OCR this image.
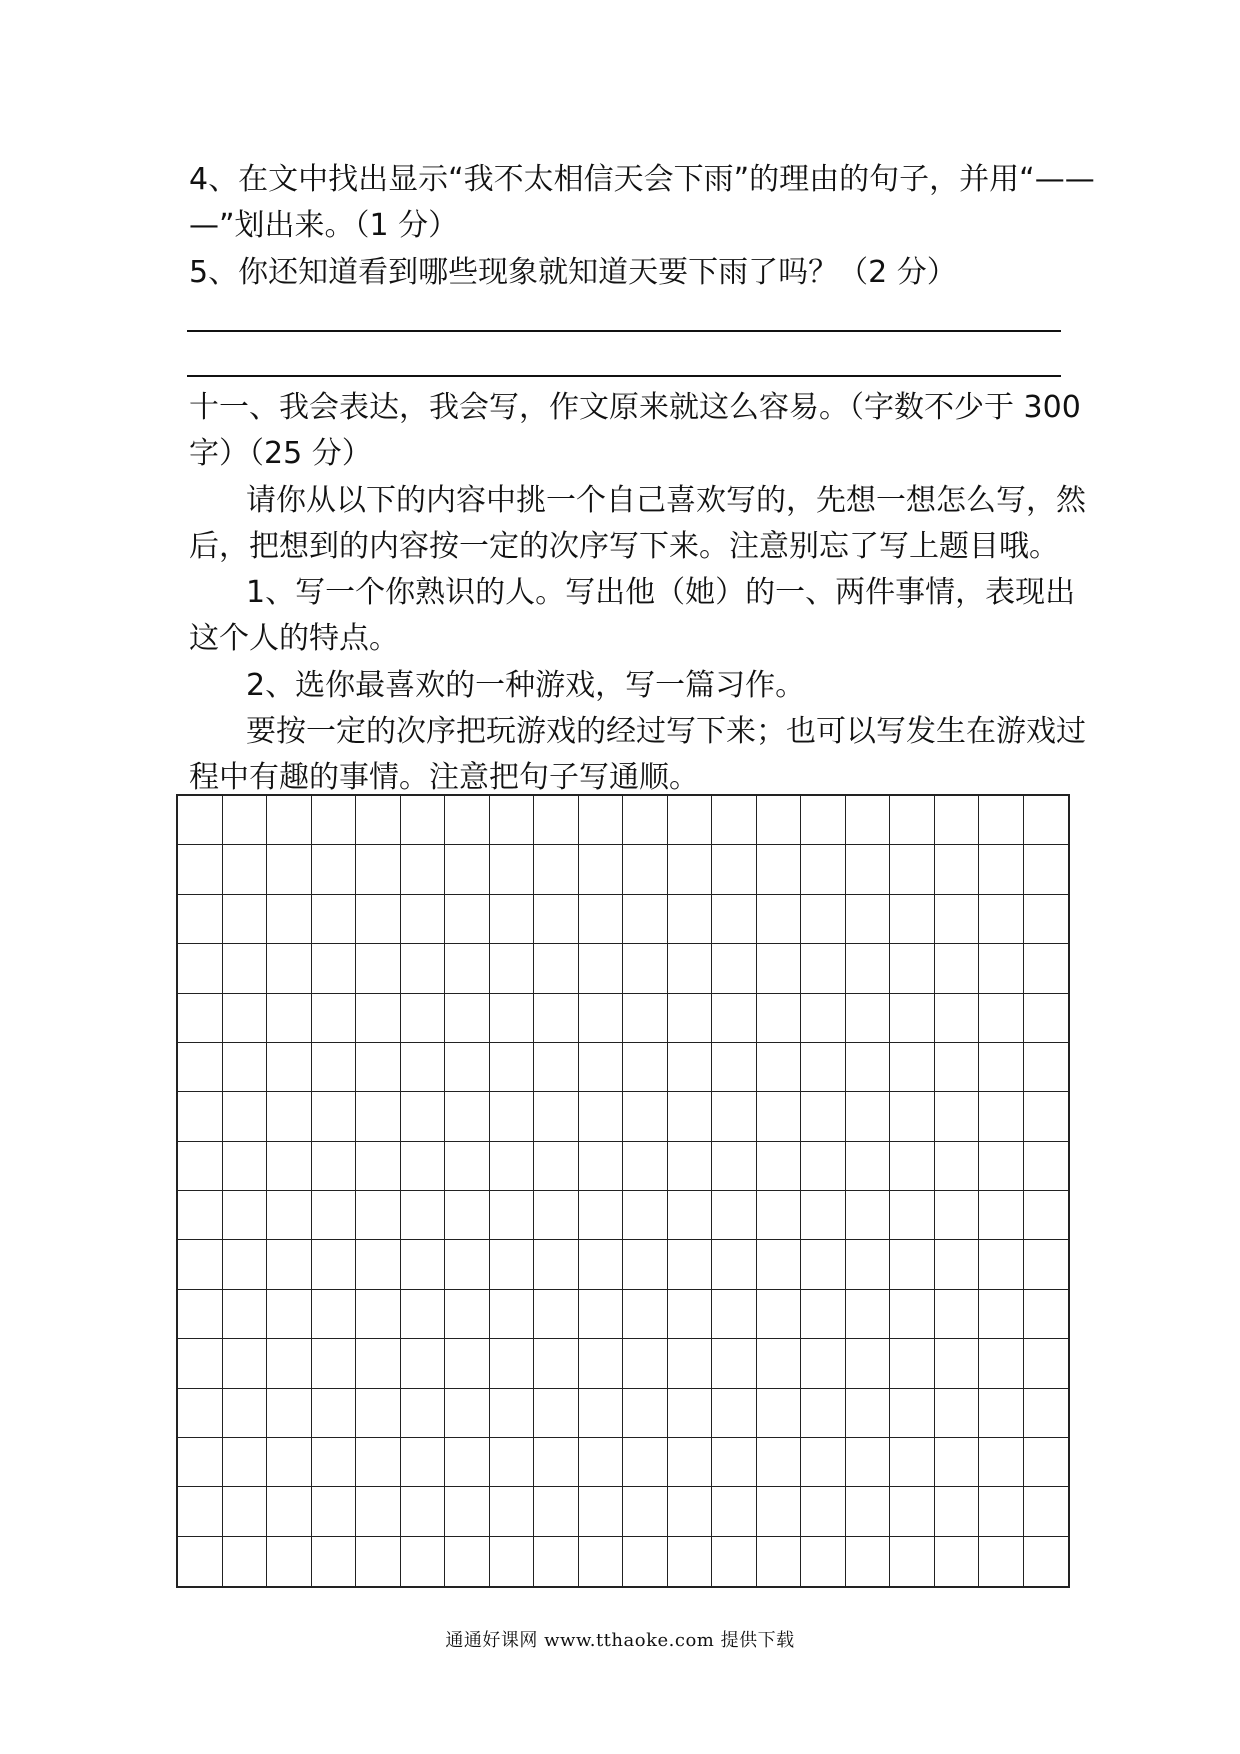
4、在文中找出显示“我不太相信天会下雨”的理由的句子，并用“——
—”划出来。（1 分）
5、你还知道看到哪些现象就知道天要下雨了吗？（2 分）
十一、我会表达，我会写，作文原来就这么容易。（字数不少于 300
字）（25 分）
请你从以下的内容中挑一个自己喜欢写的，先想一想怎么写，然
后，把想到的内容按一定的次序写下来。注意别忘了写上题目哦。
1、写一个你熟识的人。写出他（她）的一、两件事情，表现出
这个人的特点。
2、选你最喜欢的一种游戏，写一篇习作。
要按一定的次序把玩游戏的经过写下来；也可以写发生在游戏过
程中有趣的事情。注意把句子写通顺。
通通好课网 www.tthaoke.com 提供下载
